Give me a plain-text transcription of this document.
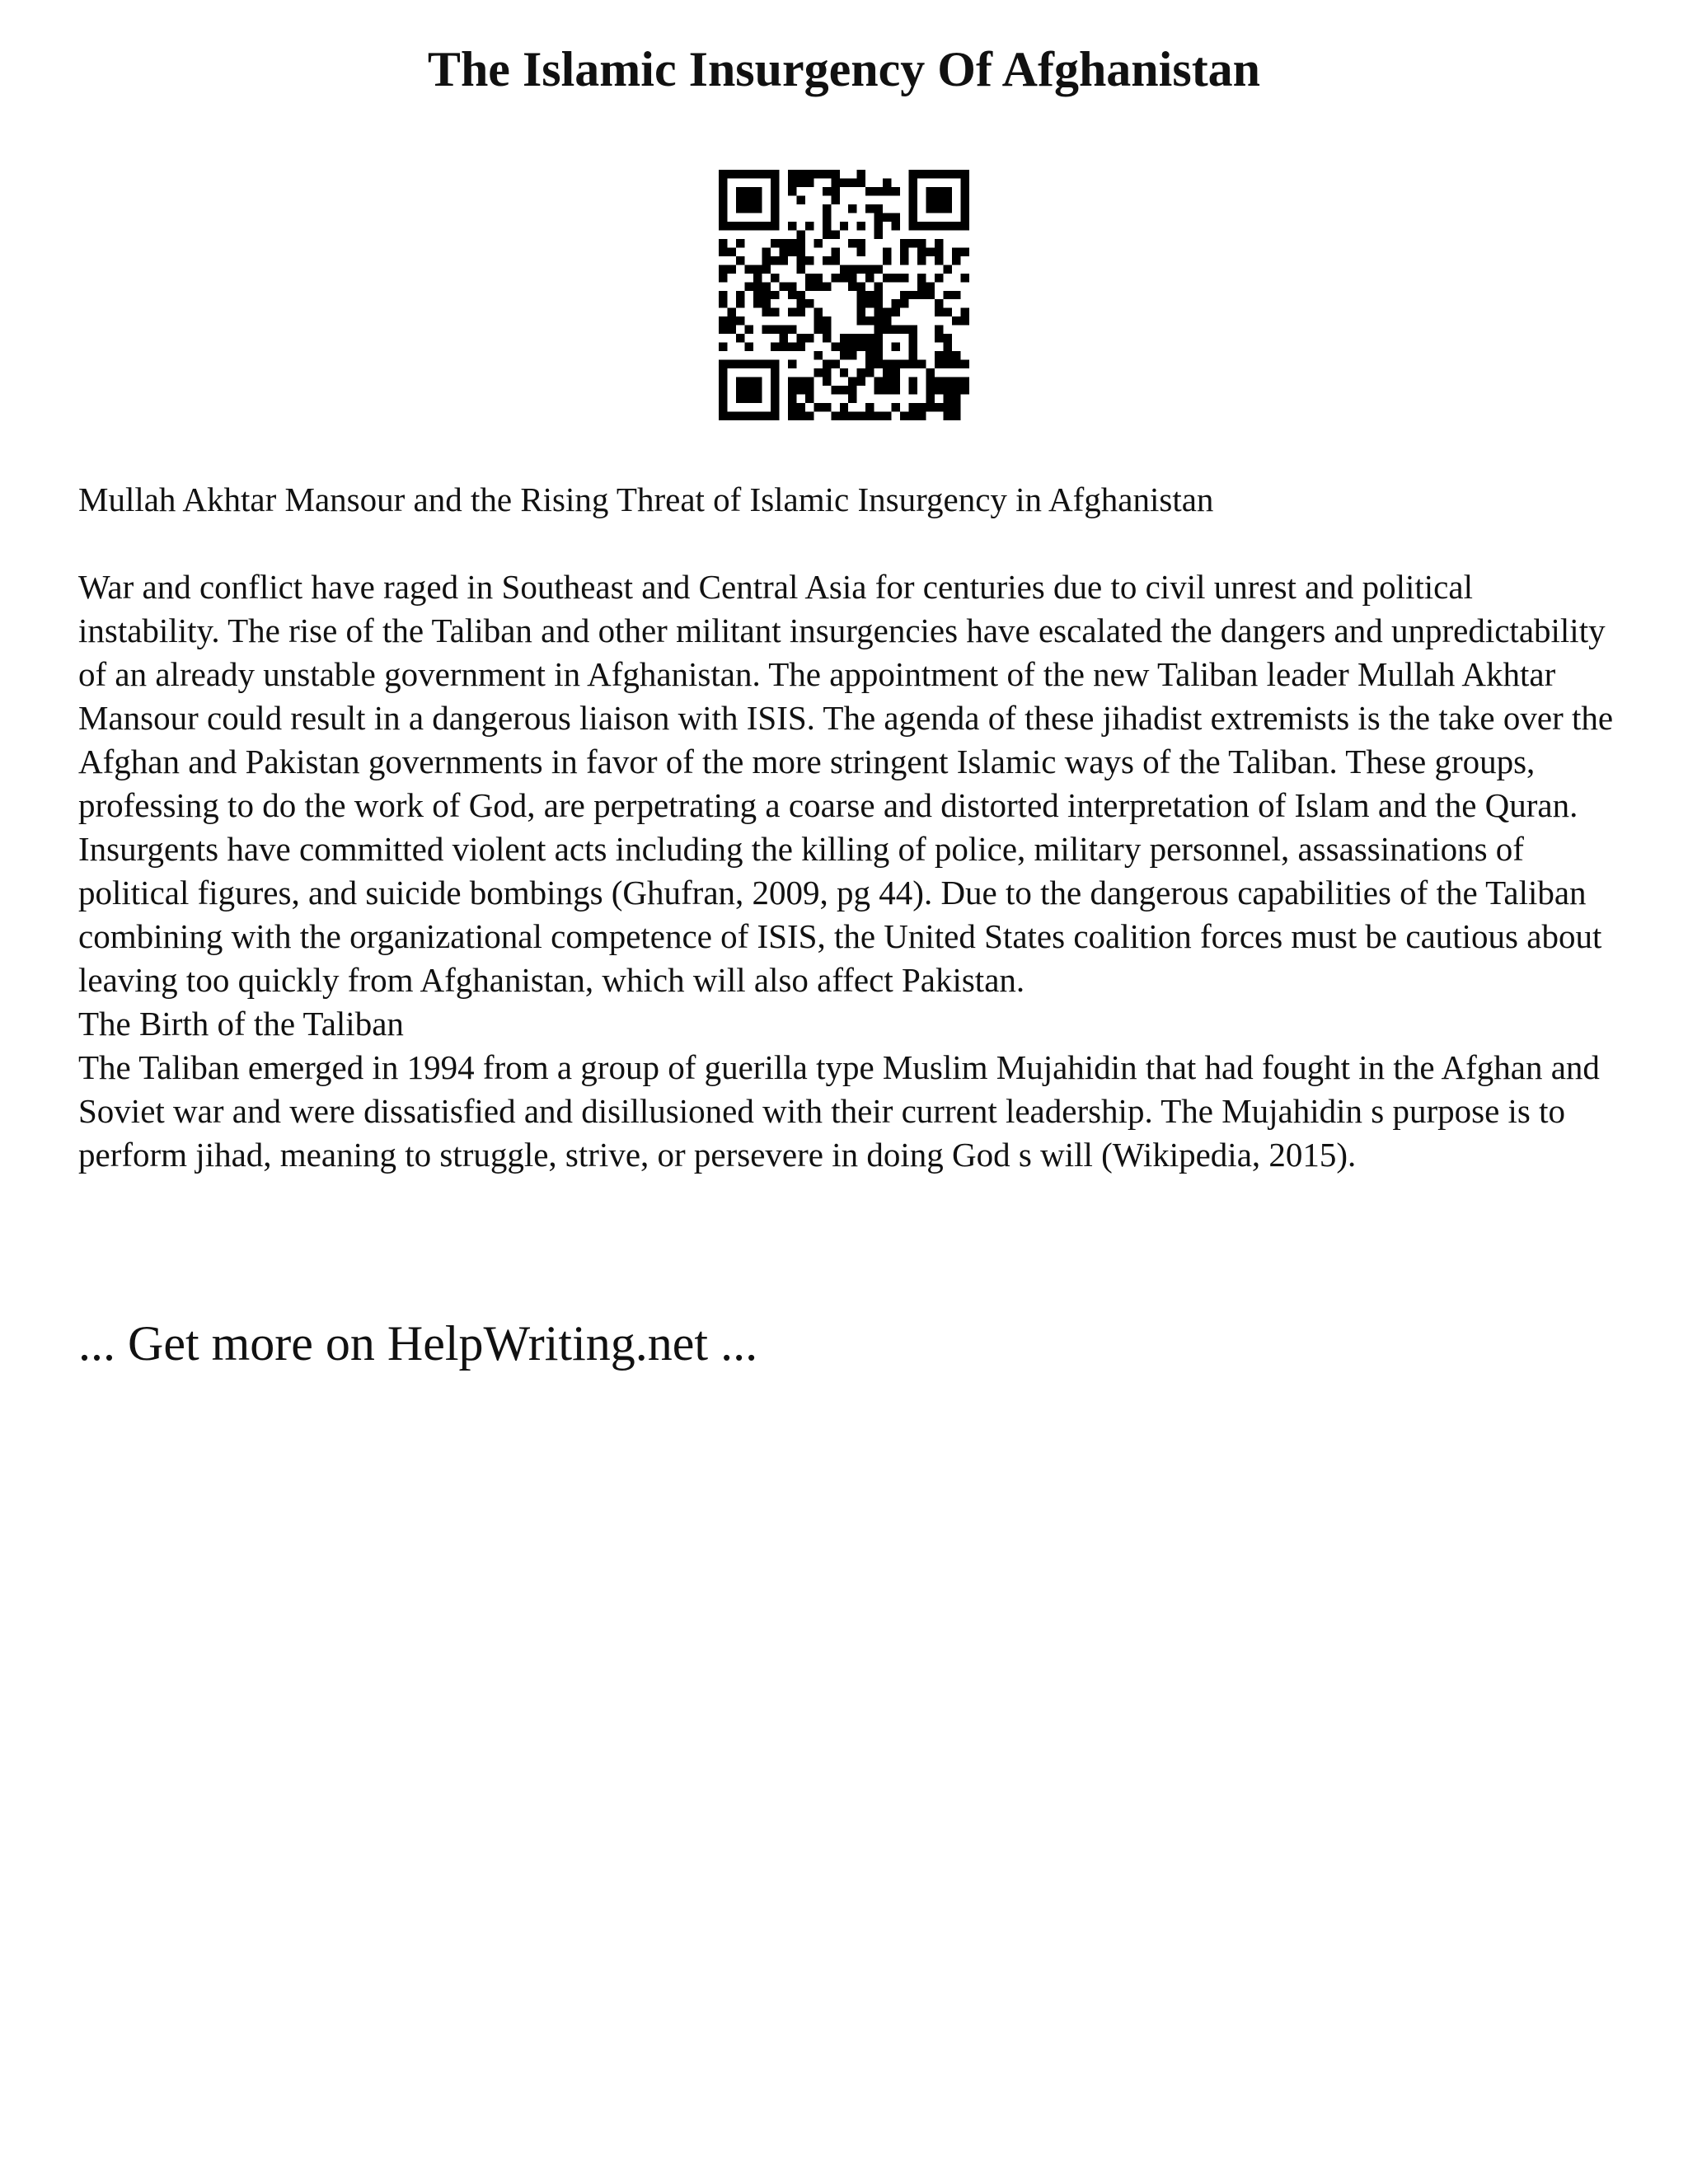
The Islamic Insurgency Of Afghanistan

Mullah Akhtar Mansour and the Rising Threat of Islamic Insurgency in Afghanistan

War and conflict have raged in Southeast and Central Asia for centuries due to civil unrest and political instability. The rise of the Taliban and other militant insurgencies have escalated the dangers and unpredictability of an already unstable government in Afghanistan. The appointment of the new Taliban leader Mullah Akhtar Mansour could result in a dangerous liaison with ISIS. The agenda of these jihadist extremists is the take over the Afghan and Pakistan governments in favor of the more stringent Islamic ways of the Taliban. These groups, professing to do the work of God, are perpetrating a coarse and distorted interpretation of Islam and the Quran. Insurgents have committed violent acts including the killing of police, military personnel, assassinations of political figures, and suicide bombings (Ghufran, 2009, pg 44). Due to the dangerous capabilities of the Taliban combining with the organizational competence of ISIS, the United States coalition forces must be cautious about leaving too quickly from Afghanistan, which will also affect Pakistan.

The Birth of the Taliban

The Taliban emerged in 1994 from a group of guerilla type Muslim Mujahidin that had fought in the Afghan and Soviet war and were dissatisfied and disillusioned with their current leadership. The Mujahidin s purpose is to perform jihad, meaning to struggle, strive, or persevere in doing God s will (Wikipedia, 2015).

... Get more on HelpWriting.net ...
